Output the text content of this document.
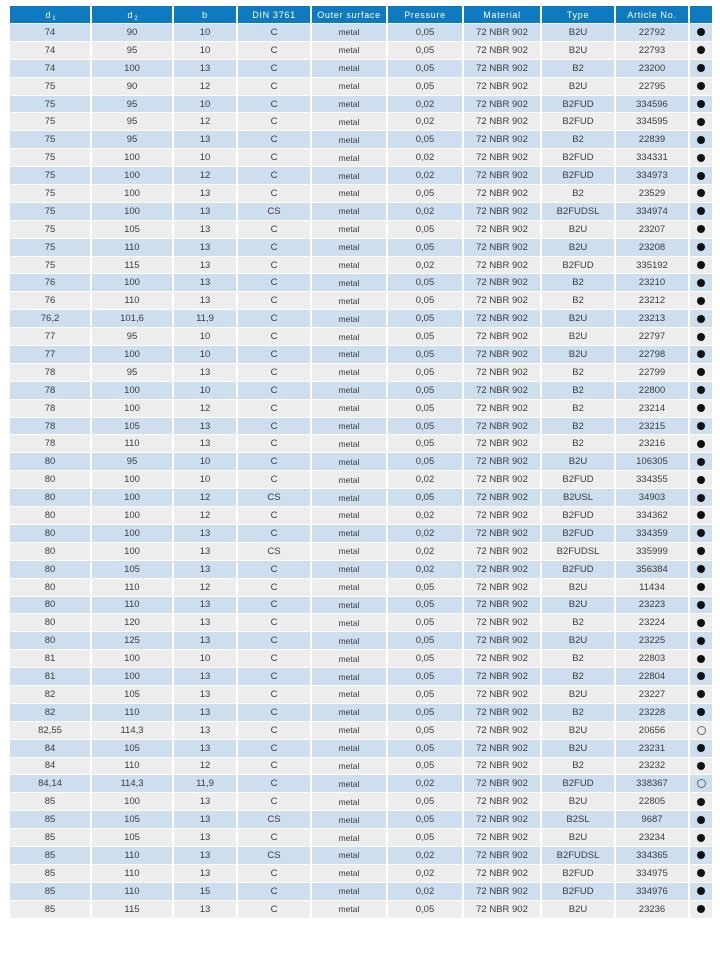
$d_1$	$d_2$	b	DIN 3761	Outer surface	Pressure	Material	Type	Article No.	
74	90	10	C	metal	0,05	72 NBR 902	B2U	22792	
74	95	10	C	metal	0,05	72 NBR 902	B2U	22793	
74	100	13	C	metal	0,05	72 NBR 902	B2	23200	
75	90	12	C	metal	0,05	72 NBR 902	B2U	22795	
75	95	10	C	metal	0,02	72 NBR 902	B2FUD	334596	
75	95	12	C	metal	0,02	72 NBR 902	B2FUD	334595	
75	95	13	C	metal	0,05	72 NBR 902	B2	22839	
75	100	10	C	metal	0,02	72 NBR 902	B2FUD	334331	
75	100	12	C	metal	0,02	72 NBR 902	B2FUD	334973	
75	100	13	C	metal	0,05	72 NBR 902	B2	23529	
75	100	13	CS	metal	0,02	72 NBR 902	B2FUDSL	334974	
75	105	13	C	metal	0,05	72 NBR 902	B2U	23207	
75	110	13	C	metal	0,05	72 NBR 902	B2U	23208	
75	115	13	C	metal	0,02	72 NBR 902	B2FUD	335192	
76	100	13	C	metal	0,05	72 NBR 902	B2	23210	
76	110	13	C	metal	0,05	72 NBR 902	B2	23212	
76,2	101,6	11,9	C	metal	0,05	72 NBR 902	B2U	23213	
77	95	10	C	metal	0,05	72 NBR 902	B2U	22797	
77	100	10	C	metal	0,05	72 NBR 902	B2U	22798	
78	95	13	C	metal	0,05	72 NBR 902	B2	22799	
78	100	10	C	metal	0,05	72 NBR 902	B2	22800	
78	100	12	C	metal	0,05	72 NBR 902	B2	23214	
78	105	13	C	metal	0,05	72 NBR 902	B2	23215	
78	110	13	C	metal	0,05	72 NBR 902	B2	23216	
80	95	10	C	metal	0,05	72 NBR 902	B2U	106305	
80	100	10	C	metal	0,02	72 NBR 902	B2FUD	334355	
80	100	12	CS	metal	0,05	72 NBR 902	B2USL	34903	
80	100	12	C	metal	0,02	72 NBR 902	B2FUD	334362	
80	100	13	C	metal	0,02	72 NBR 902	B2FUD	334359	
80	100	13	CS	metal	0,02	72 NBR 902	B2FUDSL	335999	
80	105	13	C	metal	0,02	72 NBR 902	B2FUD	356384	
80	110	12	C	metal	0,05	72 NBR 902	B2U	11434	
80	110	13	C	metal	0,05	72 NBR 902	B2U	23223	
80	120	13	C	metal	0,05	72 NBR 902	B2	23224	
80	125	13	C	metal	0,05	72 NBR 902	B2U	23225	
81	100	10	C	metal	0,05	72 NBR 902	B2	22803	
81	100	13	C	metal	0,05	72 NBR 902	B2	22804	
82	105	13	C	metal	0,05	72 NBR 902	B2U	23227	
82	110	13	C	metal	0,05	72 NBR 902	B2	23228	
82,55	114,3	13	C	metal	0,05	72 NBR 902	B2U	20656	
84	105	13	C	metal	0,05	72 NBR 902	B2U	23231	
84	110	12	C	metal	0,05	72 NBR 902	B2	23232	
84,14	114,3	11,9	C	metal	0,02	72 NBR 902	B2FUD	338367	
85	100	13	C	metal	0,05	72 NBR 902	B2U	22805	
85	105	13	CS	metal	0,05	72 NBR 902	B2SL	9687	
85	105	13	C	metal	0,05	72 NBR 902	B2U	23234	
85	110	13	CS	metal	0,02	72 NBR 902	B2FUDSL	334365	
85	110	13	C	metal	0,02	72 NBR 902	B2FUD	334975	
85	110	15	C	metal	0,02	72 NBR 902	B2FUD	334976	
85	115	13	C	metal	0,05	72 NBR 902	B2U	23236	
